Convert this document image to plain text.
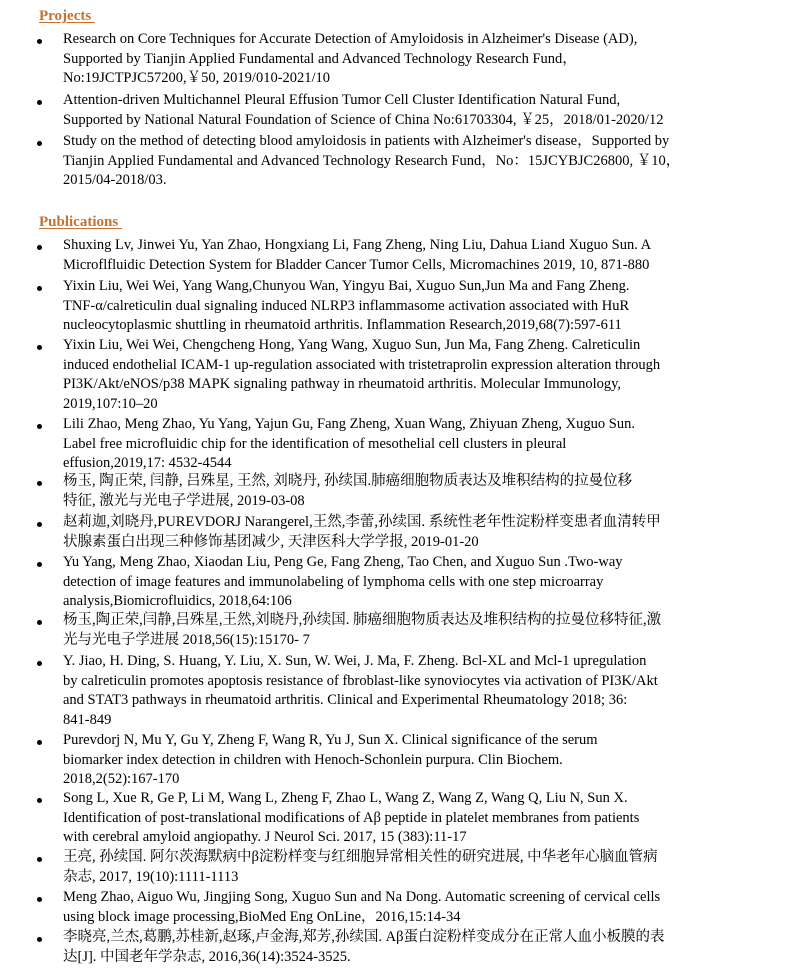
Projects
Research on Core Techniques for Accurate Detection of Amyloidosis in Alzheimer's Disease (AD),
Supported by Tianjin Applied Fundamental and Advanced Technology Research Fund，
No:19JCTPJC57200,￥50, 2019/010-2021/10
Attention-driven Multichannel Pleural Effusion Tumor Cell Cluster Identification Natural Fund,
Supported by National Natural Foundation of Science of China No:61703304, ￥25，2018/01-2020/12
Study on the method of detecting blood amyloidosis in patients with Alzheimer's disease，Supported by
Tianjin Applied Fundamental and Advanced Technology Research Fund，No：15JCYBJC26800, ￥10，
2015/04-2018/03.
Publications
Shuxing Lv, Jinwei Yu, Yan Zhao, Hongxiang Li, Fang Zheng, Ning Liu, Dahua Liand Xuguo Sun. A
Microflfluidic Detection System for Bladder Cancer Tumor Cells, Micromachines 2019, 10, 871-880
Yixin Liu, Wei Wei, Yang Wang,Chunyou Wan, Yingyu Bai, Xuguo Sun,Jun Ma and Fang Zheng.
TNF-α/calreticulin dual signaling induced NLRP3 inflammasome activation associated with HuR
nucleocytoplasmic shuttling in rheumatoid arthritis. Inflammation Research,2019,68(7):597-611
Yixin Liu, Wei Wei, Chengcheng Hong, Yang Wang, Xuguo Sun, Jun Ma, Fang Zheng. Calreticulin
induced endothelial ICAM-1 up-regulation associated with tristetraprolin expression alteration through
PI3K/Akt/eNOS/p38 MAPK signaling pathway in rheumatoid arthritis. Molecular Immunology,
2019,107:10–20
Lili Zhao, Meng Zhao, Yu Yang, Yajun Gu, Fang Zheng, Xuan Wang, Zhiyuan Zheng, Xuguo Sun.
Label free microfluidic chip for the identification of mesothelial cell clusters in pleural
effusion,2019,17: 4532-4544
杨玉, 陶正荣, 闫静, 吕殊星, 王然, 刘晓丹, 孙续国.肺癌细胞物质表达及堆积结构的拉曼位移
特征, 激光与光电子学进展, 2019-03-08
赵莉迦,刘晓丹,PUREVDORJ Narangerel,王然,李蕾,孙续国. 系统性老年性淀粉样变患者血清转甲
状腺素蛋白出现三种修饰基团减少, 天津医科大学学报, 2019-01-20
Yu Yang, Meng Zhao, Xiaodan Liu, Peng Ge, Fang Zheng, Tao Chen, and Xuguo Sun .Two-way
detection of image features and immunolabeling of lymphoma cells with one step microarray
analysis,Biomicrofluidics, 2018,64:106
杨玉,陶正荣,闫静,吕殊星,王然,刘晓丹,孙续国. 肺癌细胞物质表达及堆积结构的拉曼位移特征,激
光与光电子学进展 2018,56(15):15170- 7
Y. Jiao, H. Ding, S. Huang, Y. Liu, X. Sun, W. Wei, J. Ma, F. Zheng. Bcl-XL and Mcl-1 upregulation
by calreticulin promotes apoptosis resistance of fbroblast-like synoviocytes via activation of PI3K/Akt
and STAT3 pathways in rheumatoid arthritis. Clinical and Experimental Rheumatology 2018; 36:
841-849
Purevdorj N, Mu Y, Gu Y, Zheng F, Wang R, Yu J, Sun X. Clinical significance of the serum
biomarker index detection in children with Henoch-Schonlein purpura. Clin Biochem.
2018,2(52):167-170
Song L, Xue R, Ge P, Li M, Wang L, Zheng F, Zhao L, Wang Z, Wang Z, Wang Q, Liu N, Sun X.
Identification of post-translational modifications of Aβ peptide in platelet membranes from patients
with cerebral amyloid angiopathy. J Neurol Sci. 2017, 15 (383):11-17
王亮, 孙续国. 阿尔茨海默病中β淀粉样变与红细胞异常相关性的研究进展, 中华老年心脑血管病
杂志, 2017, 19(10):1111-1113
Meng Zhao, Aiguo Wu, Jingjing Song, Xuguo Sun and Na Dong. Automatic screening of cervical cells
using block image processing,BioMed Eng OnLine，2016,15:14-34
李晓亮,兰杰,葛鹏,苏桂新,赵琢,卢金海,郑芳,孙续国. Aβ蛋白淀粉样变成分在正常人血小板膜的表
达[J]. 中国老年学杂志, 2016,36(14):3524-3525.
